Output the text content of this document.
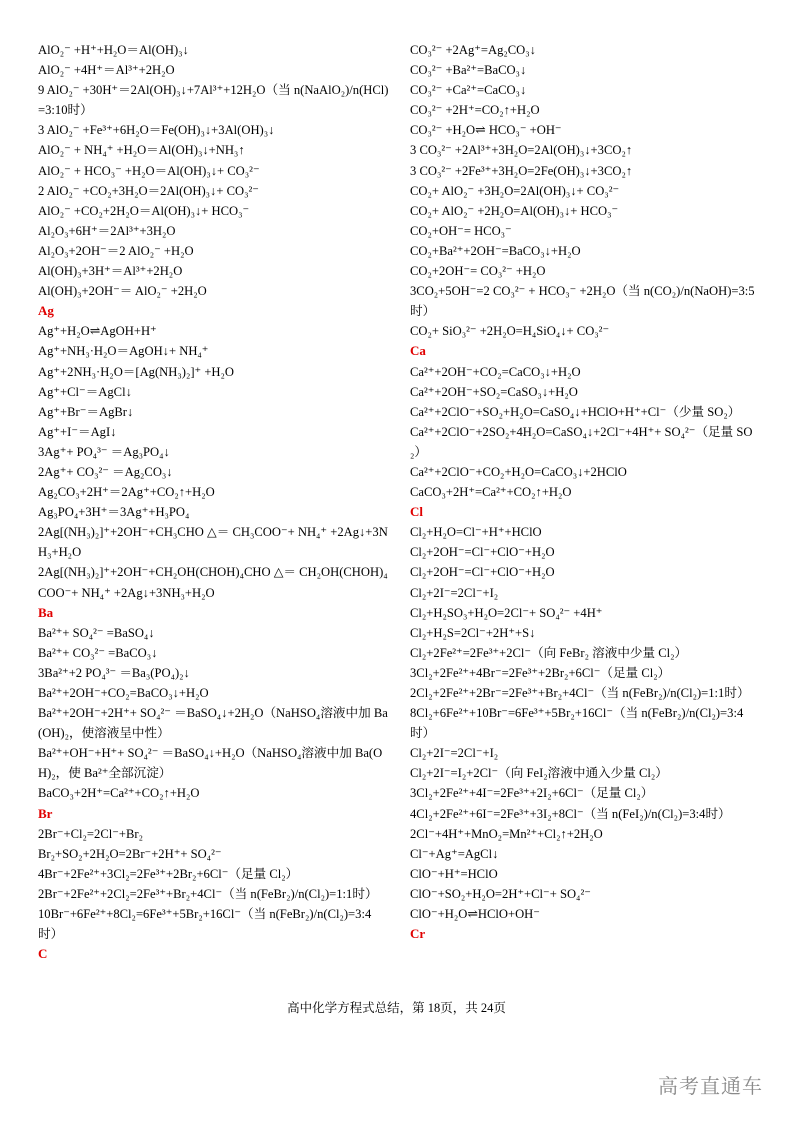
AlO₂⁻ +H⁺+H₂O＝Al(OH)₃↓
AlO₂⁻ +4H⁺＝Al³⁺+2H₂O
9 AlO₂⁻ +30H⁺＝2Al(OH)₃↓+7Al³⁺+12H₂O（当 n(NaAlO₂)/n(HCl)=3:10时）
3 AlO₂⁻ +Fe³⁺+6H₂O＝Fe(OH)₃↓+3Al(OH)₃↓
AlO₂⁻ + NH₄⁺ +H₂O＝Al(OH)₃↓+NH₃↑
AlO₂⁻ + HCO₃⁻ +H₂O＝Al(OH)₃↓+ CO₃²⁻
2 AlO₂⁻ +CO₂+3H₂O＝2Al(OH)₃↓+ CO₃²⁻
AlO₂⁻ +CO₂+2H₂O＝Al(OH)₃↓+ HCO₃⁻
Al₂O₃+6H⁺＝2Al³⁺+3H₂O
Al₂O₃+2OH⁻＝2 AlO₂⁻ +H₂O
Al(OH)₃+3H⁺＝Al³⁺+2H₂O
Al(OH)₃+2OH⁻＝ AlO₂⁻ +2H₂O
Ag
Ag⁺+H₂O⇌AgOH+H⁺
Ag⁺+NH₃·H₂O＝AgOH↓+ NH₄⁺
Ag⁺+2NH₃·H₂O＝[Ag(NH₃)₂]⁺ +H₂O
Ag⁺+Cl⁻＝AgCl↓
Ag⁺+Br⁻＝AgBr↓
Ag⁺+I⁻＝AgI↓
3Ag⁺+ PO₄³⁻ ＝Ag₃PO₄↓
2Ag⁺+ CO₃²⁻ ＝Ag₂CO₃↓
Ag₂CO₃+2H⁺＝2Ag⁺+CO₂↑+H₂O
Ag₃PO₄+3H⁺＝3Ag⁺+H₃PO₄
2Ag[(NH₃)₂]⁺+2OH⁻+CH₃CHO △＝ CH₃COO⁻+ NH₄⁺ +2Ag↓+3NH₃+H₂O
2Ag[(NH₃)₂]⁺+2OH⁻+CH₂OH(CHOH)₄CHO △＝ CH₂OH(CHOH)₄COO⁻+ NH₄⁺ +2Ag↓+3NH₃+H₂O
Ba
Ba²⁺+ SO₄²⁻ =BaSO₄↓
Ba²⁺+ CO₃²⁻ =BaCO₃↓
3Ba²⁺+2 PO₄³⁻ ＝Ba₃(PO₄)₂↓
Ba²⁺+2OH⁻+CO₂=BaCO₃↓+H₂O
Ba²⁺+2OH⁻+2H⁺+ SO₄²⁻ ＝BaSO₄↓+2H₂O（NaHSO₄溶液中加 Ba(OH)₂，使溶液呈中性）
Ba²⁺+OH⁻+H⁺+ SO₄²⁻ ＝BaSO₄↓+H₂O（NaHSO₄溶液中加 Ba(OH)₂，使 Ba²⁺全部沉淀）
BaCO₃+2H⁺=Ca²⁺+CO₂↑+H₂O
Br
2Br⁻+Cl₂=2Cl⁻+Br₂
Br₂+SO₂+2H₂O=2Br⁻+2H⁺+ SO₄²⁻
4Br⁻+2Fe²⁺+3Cl₂=2Fe³⁺+2Br₂+6Cl⁻（足量 Cl₂）
2Br⁻+2Fe²⁺+2Cl₂=2Fe³⁺+Br₂+4Cl⁻（当 n(FeBr₂)/n(Cl₂)=1:1时）
10Br⁻+6Fe²⁺+8Cl₂=6Fe³⁺+5Br₂+16Cl⁻（当 n(FeBr₂)/n(Cl₂)=3:4时）
C
CO₃²⁻ +2Ag⁺=Ag₂CO₃↓
CO₃²⁻ +Ba²⁺=BaCO₃↓
CO₃²⁻ +Ca²⁺=CaCO₃↓
CO₃²⁻ +2H⁺=CO₂↑+H₂O
CO₃²⁻ +H₂O⇌ HCO₃⁻ +OH⁻
3 CO₃²⁻ +2Al³⁺+3H₂O=2Al(OH)₃↓+3CO₂↑
3 CO₃²⁻ +2Fe³⁺+3H₂O=2Fe(OH)₃↓+3CO₂↑
CO₂+ AlO₂⁻ +3H₂O=2Al(OH)₃↓+ CO₃²⁻
CO₂+ AlO₂⁻ +2H₂O=Al(OH)₃↓+ HCO₃⁻
CO₂+OH⁻= HCO₃⁻
CO₂+Ba²⁺+2OH⁻=BaCO₃↓+H₂O
CO₂+2OH⁻= CO₃²⁻ +H₂O
3CO₂+5OH⁻=2 CO₃²⁻ + HCO₃⁻ +2H₂O（当 n(CO₂)/n(NaOH)=3:5时）
CO₂+ SiO₃²⁻ +2H₂O=H₄SiO₄↓+ CO₃²⁻
Ca
Ca²⁺+2OH⁻+CO₂=CaCO₃↓+H₂O
Ca²⁺+2OH⁻+SO₂=CaSO₃↓+H₂O
Ca²⁺+2ClO⁻+SO₂+H₂O=CaSO₄↓+HClO+H⁺+Cl⁻（少量 SO₂）
Ca²⁺+2ClO⁻+2SO₂+4H₂O=CaSO₄↓+2Cl⁻+4H⁺+ SO₄²⁻（足量 SO₂）
Ca²⁺+2ClO⁻+CO₂+H₂O=CaCO₃↓+2HClO
CaCO₃+2H⁺=Ca²⁺+CO₂↑+H₂O
Cl
Cl₂+H₂O=Cl⁻+H⁺+HClO
Cl₂+2OH⁻=Cl⁻+ClO⁻+H₂O
Cl₂+2OH⁻=Cl⁻+ClO⁻+H₂O
Cl₂+2I⁻=2Cl⁻+I₂
Cl₂+H₂SO₃+H₂O=2Cl⁻+ SO₄²⁻ +4H⁺
Cl₂+H₂S=2Cl⁻+2H⁺+S↓
Cl₂+2Fe²⁺=2Fe³⁺+2Cl⁻（向 FeBr₂ 溶液中少量 Cl₂）
3Cl₂+2Fe²⁺+4Br⁻=2Fe³⁺+2Br₂+6Cl⁻（足量 Cl₂）
2Cl₂+2Fe²⁺+2Br⁻=2Fe³⁺+Br₂+4Cl⁻（当 n(FeBr₂)/n(Cl₂)=1:1时）
8Cl₂+6Fe²⁺+10Br⁻=6Fe³⁺+5Br₂+16Cl⁻（当 n(FeBr₂)/n(Cl₂)=3:4时）
Cl₂+2I⁻=2Cl⁻+I₂
Cl₂+2I⁻=I₂+2Cl⁻（向 FeI₂溶液中通入少量 Cl₂）
3Cl₂+2Fe²⁺+4I⁻=2Fe³⁺+2I₂+6Cl⁻（足量 Cl₂）
4Cl₂+2Fe²⁺+6I⁻=2Fe³⁺+3I₂+8Cl⁻（当 n(FeI₂)/n(Cl₂)=3:4时）
2Cl⁻+4H⁺+MnO₂=Mn²⁺+Cl₂↑+2H₂O
Cl⁻+Ag⁺=AgCl↓
ClO⁻+H⁺=HClO
ClO⁻+SO₂+H₂O=2H⁺+Cl⁻+ SO₄²⁻
ClO⁻+H₂O⇌HClO+OH⁻
Cr
高中化学方程式总结，第 18页，共 24页
高考直通车
